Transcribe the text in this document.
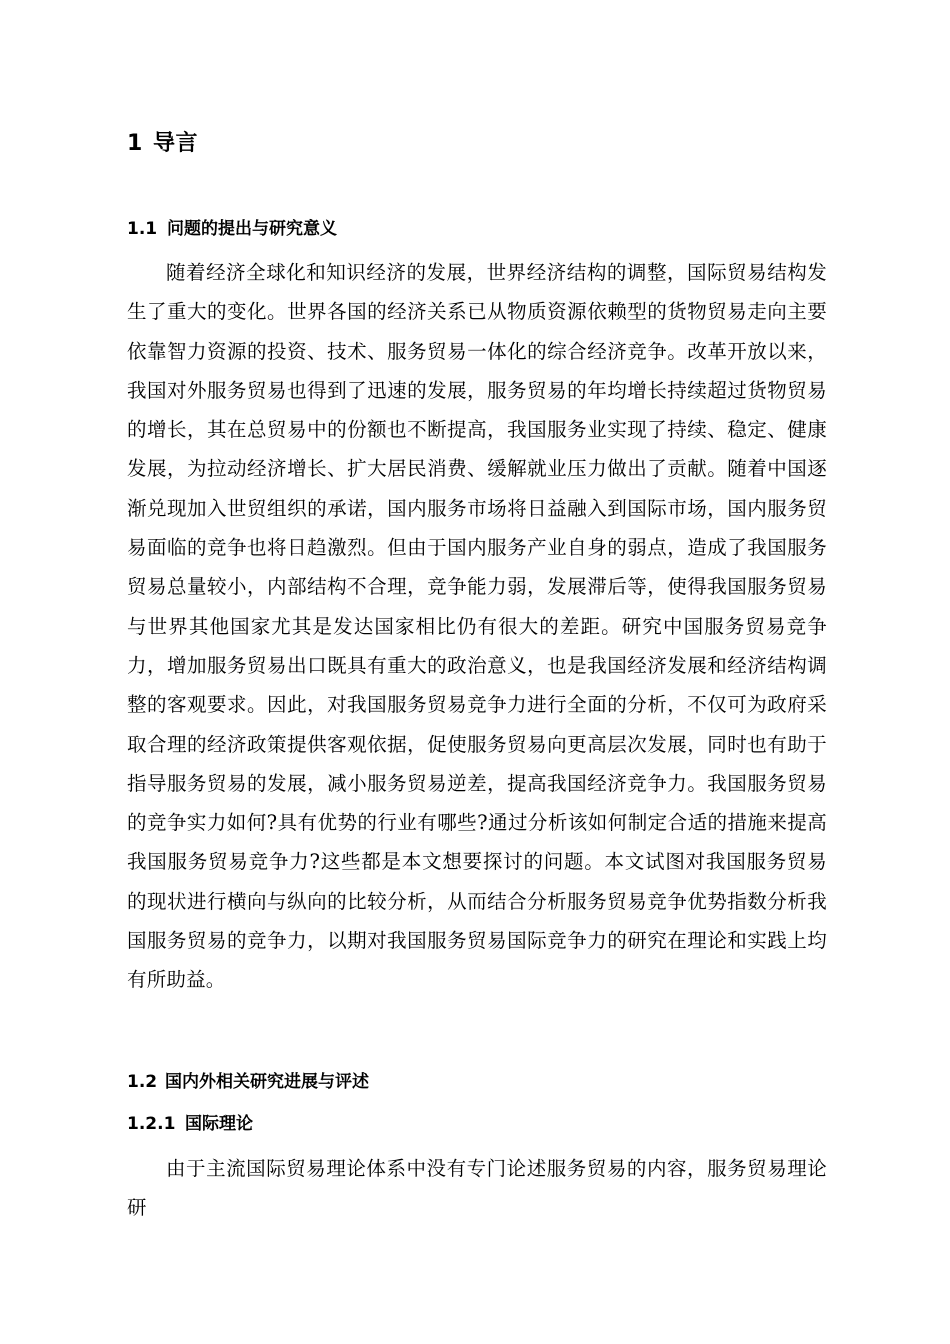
1 导言
1.1 问题的提出与研究意义

随着经济全球化和知识经济的发展，世界经济结构的调整，国际贸易结构发生了重大的变化。世界各国的经济关系已从物质资源依赖型的货物贸易走向主要依靠智力资源的投资、技术、服务贸易一体化的综合经济竞争。改革开放以来，我国对外服务贸易也得到了迅速的发展，服务贸易的年均增长持续超过货物贸易的增长，其在总贸易中的份额也不断提高，我国服务业实现了持续、稳定、健康发展，为拉动经济增长、扩大居民消费、缓解就业压力做出了贡献。随着中国逐渐兑现加入世贸组织的承诺，国内服务市场将日益融入到国际市场，国内服务贸易面临的竞争也将日趋激烈。但由于国内服务产业自身的弱点，造成了我国服务贸易总量较小，内部结构不合理，竞争能力弱，发展滞后等，使得我国服务贸易与世界其他国家尤其是发达国家相比仍有很大的差距。研究中国服务贸易竞争力，增加服务贸易出口既具有重大的政治意义，也是我国经济发展和经济结构调整的客观要求。因此，对我国服务贸易竞争力进行全面的分析，不仅可为政府采取合理的经济政策提供客观依据，促使服务贸易向更高层次发展，同时也有助于指导服务贸易的发展，减小服务贸易逆差，提高我国经济竞争力。我国服务贸易的竞争实力如何?具有优势的行业有哪些?通过分析该如何制定合适的措施来提高我国服务贸易竞争力?这些都是本文想要探讨的问题。本文试图对我国服务贸易的现状进行横向与纵向的比较分析，从而结合分析服务贸易竞争优势指数分析我国服务贸易的竞争力，以期对我国服务贸易国际竞争力的研究在理论和实践上均有所助益。

1.2 国内外相关研究进展与评述
1.2.1 国际理论

由于主流国际贸易理论体系中没有专门论述服务贸易的内容，服务贸易理论研
